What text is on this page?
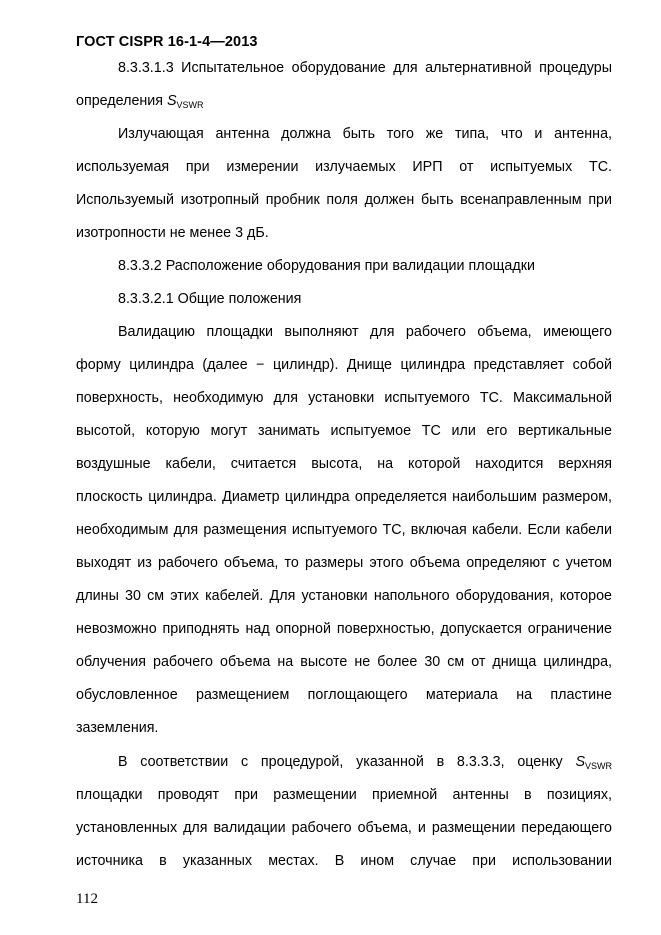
ГОСТ CISPR 16-1-4—2013
8.3.3.1.3 Испытательное оборудование для альтернативной процедуры
определения $S_{VSWR}$
Излучающая антенна должна быть того же типа, что и антенна,
используемая при измерении излучаемых ИРП от испытуемых ТС.
Используемый изотропный пробник поля должен быть всенаправленным при
изотропности не менее 3 дБ.
8.3.3.2 Расположение оборудования при валидации площадки
8.3.3.2.1 Общие положения
Валидацию площадки выполняют для рабочего объема, имеющего
форму цилиндра (далее − цилиндр). Днище цилиндра представляет собой
поверхность, необходимую для установки испытуемого ТС. Максимальной
высотой, которую могут занимать испытуемое ТС или его вертикальные
воздушные кабели, считается высота, на которой находится верхняя
плоскость цилиндра. Диаметр цилиндра определяется наибольшим размером,
необходимым для размещения испытуемого ТС, включая кабели. Если кабели
выходят из рабочего объема, то размеры этого объема определяют с учетом
длины 30 см этих кабелей. Для установки напольного оборудования, которое
невозможно приподнять над опорной поверхностью, допускается ограничение
облучения рабочего объема на высоте не более 30 см от днища цилиндра,
обусловленное размещением поглощающего материала на пластине
заземления.
В соответствии с процедурой, указанной в 8.3.3.3, оценку $S_{VSWR}$
площадки проводят при размещении приемной антенны в позициях,
установленных для валидации рабочего объема, и размещении передающего
источника в указанных местах. В ином случае при использовании
112
